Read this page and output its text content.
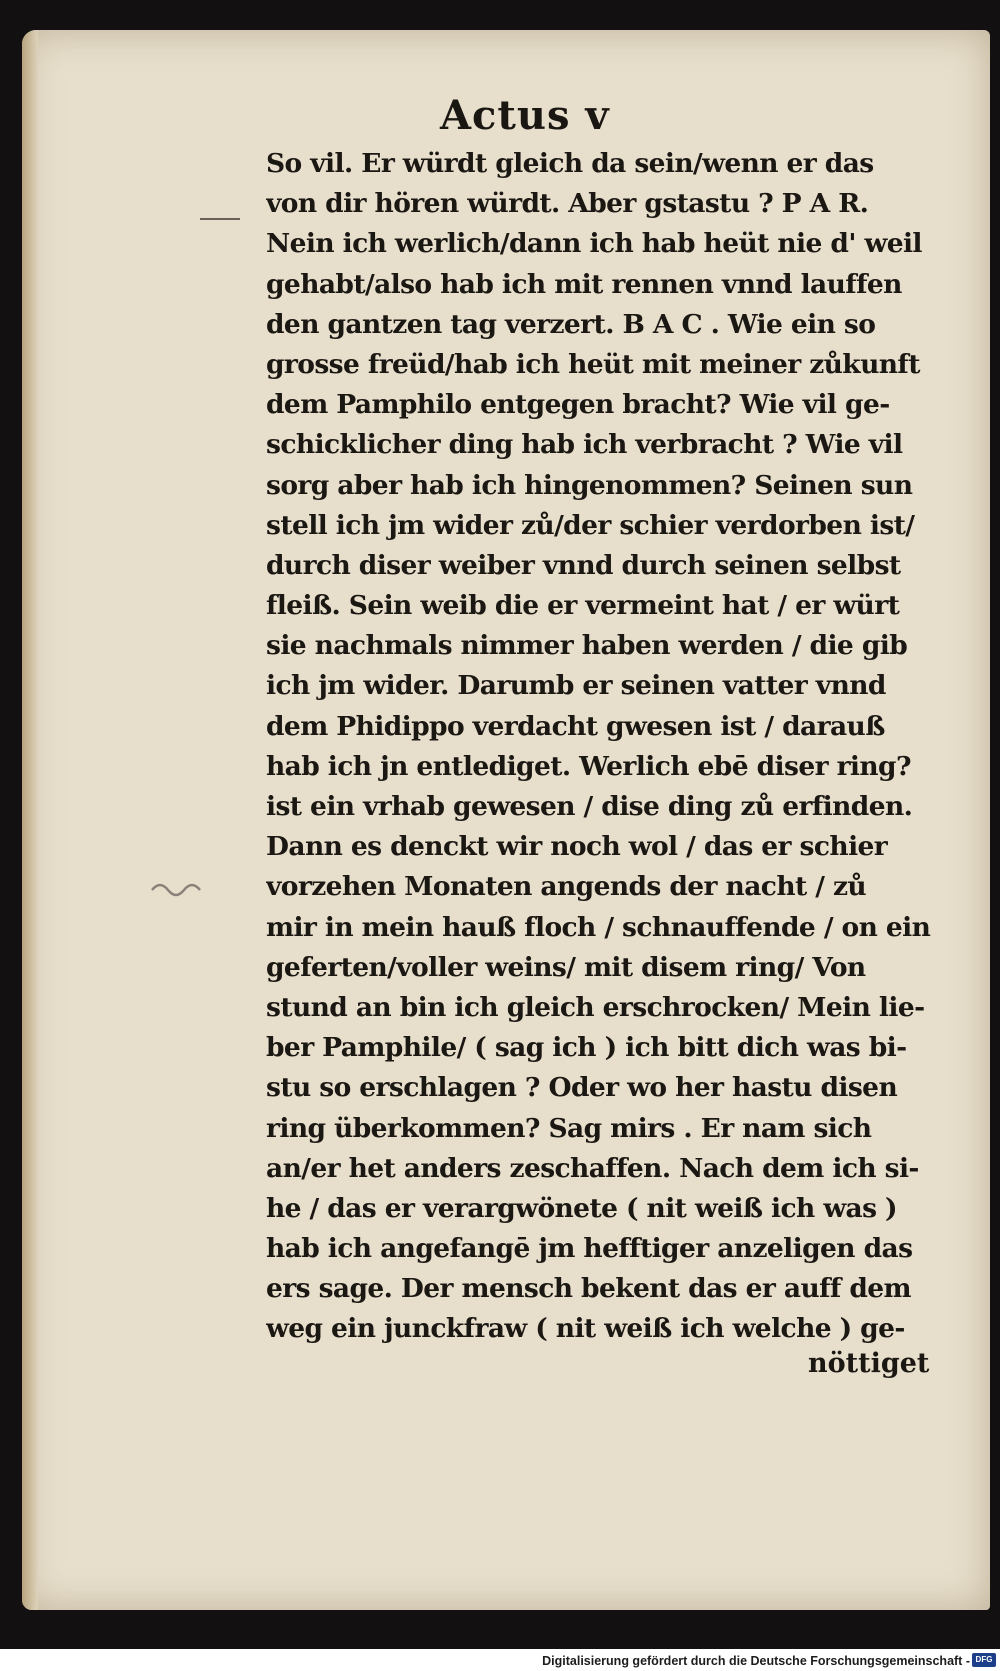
Actus v
So vil. Er würdt gleich da sein/wenn er das
von dir hören würdt. Aber gstastu ? P A R.
Nein ich werlich/dann ich hab heüt nie d' weil
gehabt/also hab ich mit rennen vnnd lauffen
den gantzen tag verzert. B A C . Wie ein so
grosse freüd/hab ich heüt mit meiner zůkunft
dem Pamphilo entgegen bracht? Wie vil ge-
schicklicher ding hab ich verbracht ? Wie vil
sorg aber hab ich hingenommen? Seinen sun
stell ich jm wider zů/der schier verdorben ist/
durch diser weiber vnnd durch seinen selbst
fleiß. Sein weib die er vermeint hat / er würt
sie nachmals nimmer haben werden / die gib
ich jm wider. Darumb er seinen vatter vnnd
dem Phidippo verdacht gwesen ist / darauß
hab ich jn entlediget. Werlich ebē diser ring?
ist ein vrhab gewesen / dise ding zů erfinden.
Dann es denckt wir noch wol / das er schier
vorzehen Monaten angends der nacht / zů
mir in mein hauß floch / schnauffende / on ein
geferten/voller weins/ mit disem ring/ Von
stund an bin ich gleich erschrocken/ Mein lie-
ber Pamphile/ ( sag ich ) ich bitt dich was bi-
stu so erschlagen ? Oder wo her hastu disen
ring überkommen? Sag mirs . Er nam sich
an/er het anders zeschaffen. Nach dem ich si-
he / das er verargwönete ( nit weiß ich was )
hab ich angefangē jm hefftiger anzeligen das
ers sage. Der mensch bekent das er auff dem
weg ein junckfraw ( nit weiß ich welche ) ge-
nöttiget
Digitalisierung gefördert durch die Deutsche Forschungsgemeinschaft - DFG
